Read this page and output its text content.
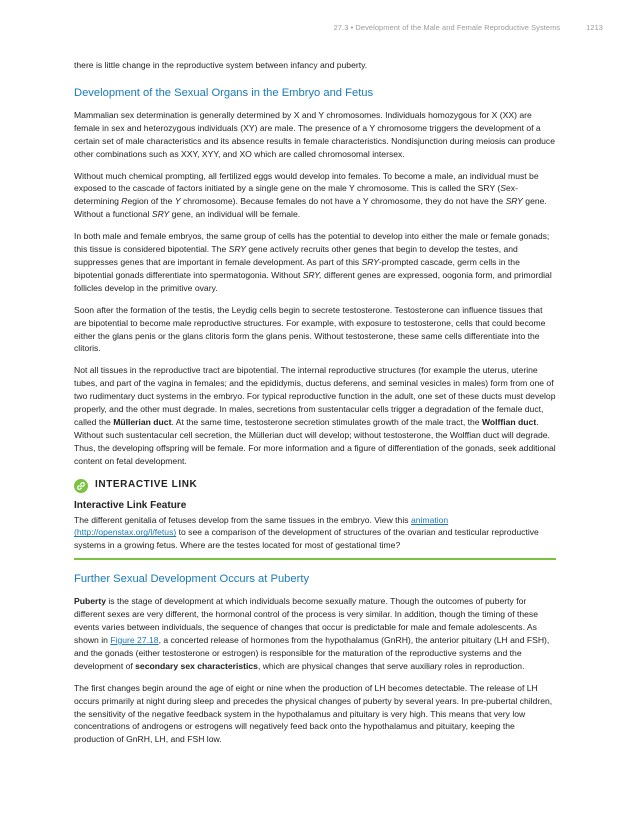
27.3 • Development of the Male and Female Reproductive Systems	1213

there is little change in the reproductive system between infancy and puberty.

Development of the Sexual Organs in the Embryo and Fetus

Mammalian sex determination is generally determined by X and Y chromosomes. Individuals homozygous for X (XX) are female in sex and heterozygous individuals (XY) are male. The presence of a Y chromosome triggers the development of a certain set of male characteristics and its absence results in female characteristics. Nondisjunction during meiosis can produce other combinations such as XXY, XYY, and XO which are called chromosomal intersex.

Without much chemical prompting, all fertilized eggs would develop into females. To become a male, an individual must be exposed to the cascade of factors initiated by a single gene on the male Y chromosome. This is called the SRY (Sex-determining Region of the Y chromosome). Because females do not have a Y chromosome, they do not have the SRY gene. Without a functional SRY gene, an individual will be female.

In both male and female embryos, the same group of cells has the potential to develop into either the male or female gonads; this tissue is considered bipotential. The SRY gene actively recruits other genes that begin to develop the testes, and suppresses genes that are important in female development. As part of this SRY-prompted cascade, germ cells in the bipotential gonads differentiate into spermatogonia. Without SRY, different genes are expressed, oogonia form, and primordial follicles develop in the primitive ovary.

Soon after the formation of the testis, the Leydig cells begin to secrete testosterone. Testosterone can influence tissues that are bipotential to become male reproductive structures. For example, with exposure to testosterone, cells that could become either the glans penis or the glans clitoris form the glans penis. Without testosterone, these same cells differentiate into the clitoris.

Not all tissues in the reproductive tract are bipotential. The internal reproductive structures (for example the uterus, uterine tubes, and part of the vagina in females; and the epididymis, ductus deferens, and seminal vesicles in males) form from one of two rudimentary duct systems in the embryo. For typical reproductive function in the adult, one set of these ducts must develop properly, and the other must degrade. In males, secretions from sustentacular cells trigger a degradation of the female duct, called the Müllerian duct. At the same time, testosterone secretion stimulates growth of the male tract, the Wolffian duct. Without such sustentacular cell secretion, the Müllerian duct will develop; without testosterone, the Wolffian duct will degrade. Thus, the developing offspring will be female. For more information and a figure of differentiation of the gonads, seek additional content on fetal development.

INTERACTIVE LINK
Interactive Link Feature

The different genitalia of fetuses develop from the same tissues in the embryo. View this animation
(http://openstax.org/l/fetus) to see a comparison of the development of structures of the ovarian and testicular reproductive systems in a growing fetus. Where are the testes located for most of gestational time?

Further Sexual Development Occurs at Puberty

Puberty is the stage of development at which individuals become sexually mature. Though the outcomes of puberty for different sexes are very different, the hormonal control of the process is very similar. In addition, though the timing of these events varies between individuals, the sequence of changes that occur is predictable for male and female adolescents. As shown in Figure 27.18, a concerted release of hormones from the hypothalamus (GnRH), the anterior pituitary (LH and FSH), and the gonads (either testosterone or estrogen) is responsible for the maturation of the reproductive systems and the development of secondary sex characteristics, which are physical changes that serve auxiliary roles in reproduction.

The first changes begin around the age of eight or nine when the production of LH becomes detectable. The release of LH occurs primarily at night during sleep and precedes the physical changes of puberty by several years. In pre-pubertal children, the sensitivity of the negative feedback system in the hypothalamus and pituitary is very high. This means that very low concentrations of androgens or estrogens will negatively feed back onto the hypothalamus and pituitary, keeping the production of GnRH, LH, and FSH low.
